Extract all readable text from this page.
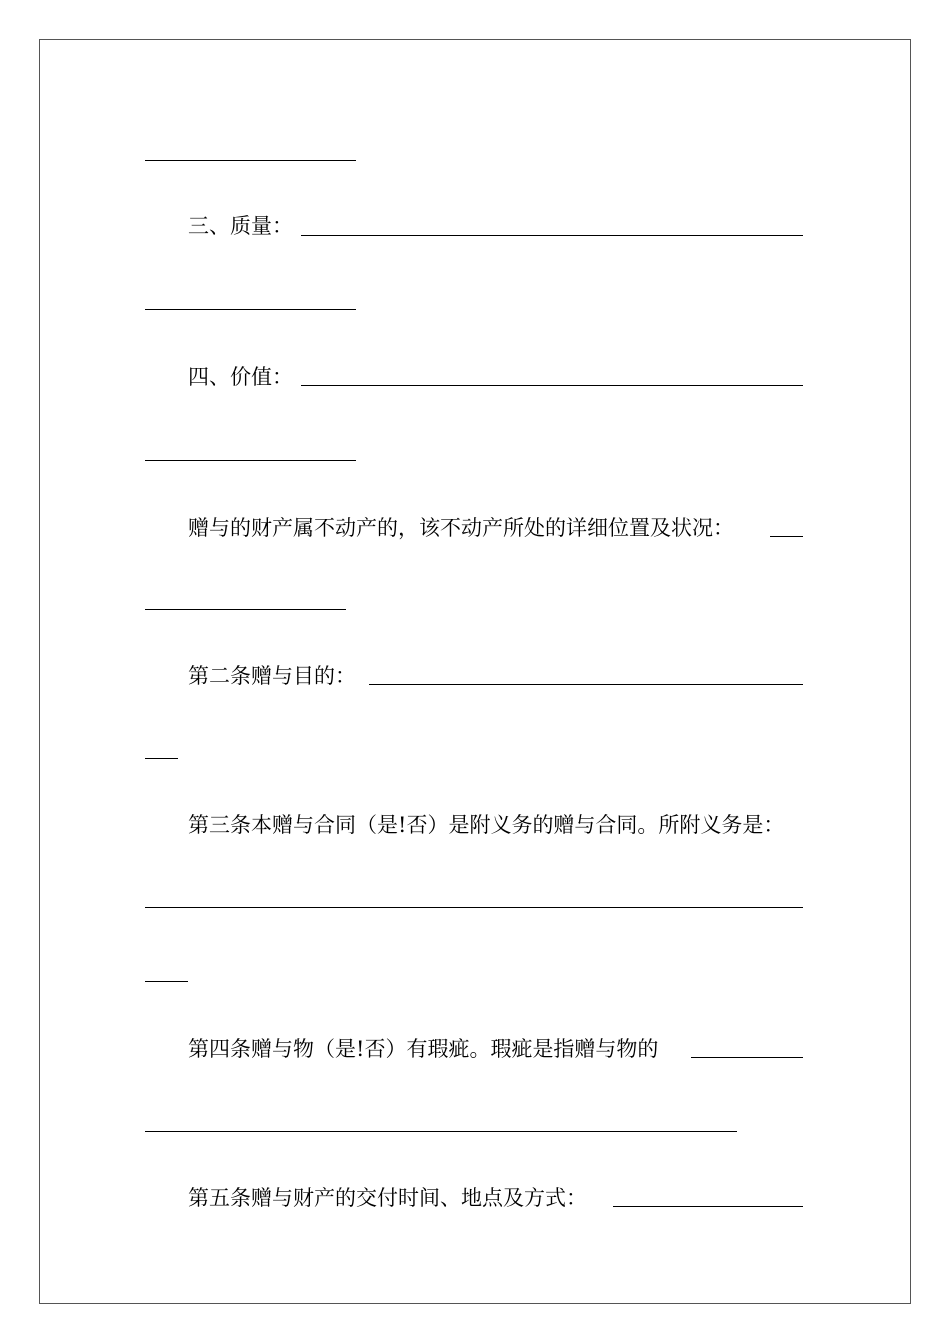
三、质量：
四、价值：
赠与的财产属不动产的，该不动产所处的详细位置及状况：
第二条赠与目的：
第三条本赠与合同（是!否）是附义务的赠与合同。所附义务是：
第四条赠与物（是!否）有瑕疵。瑕疵是指赠与物的
第五条赠与财产的交付时间、地点及方式：
